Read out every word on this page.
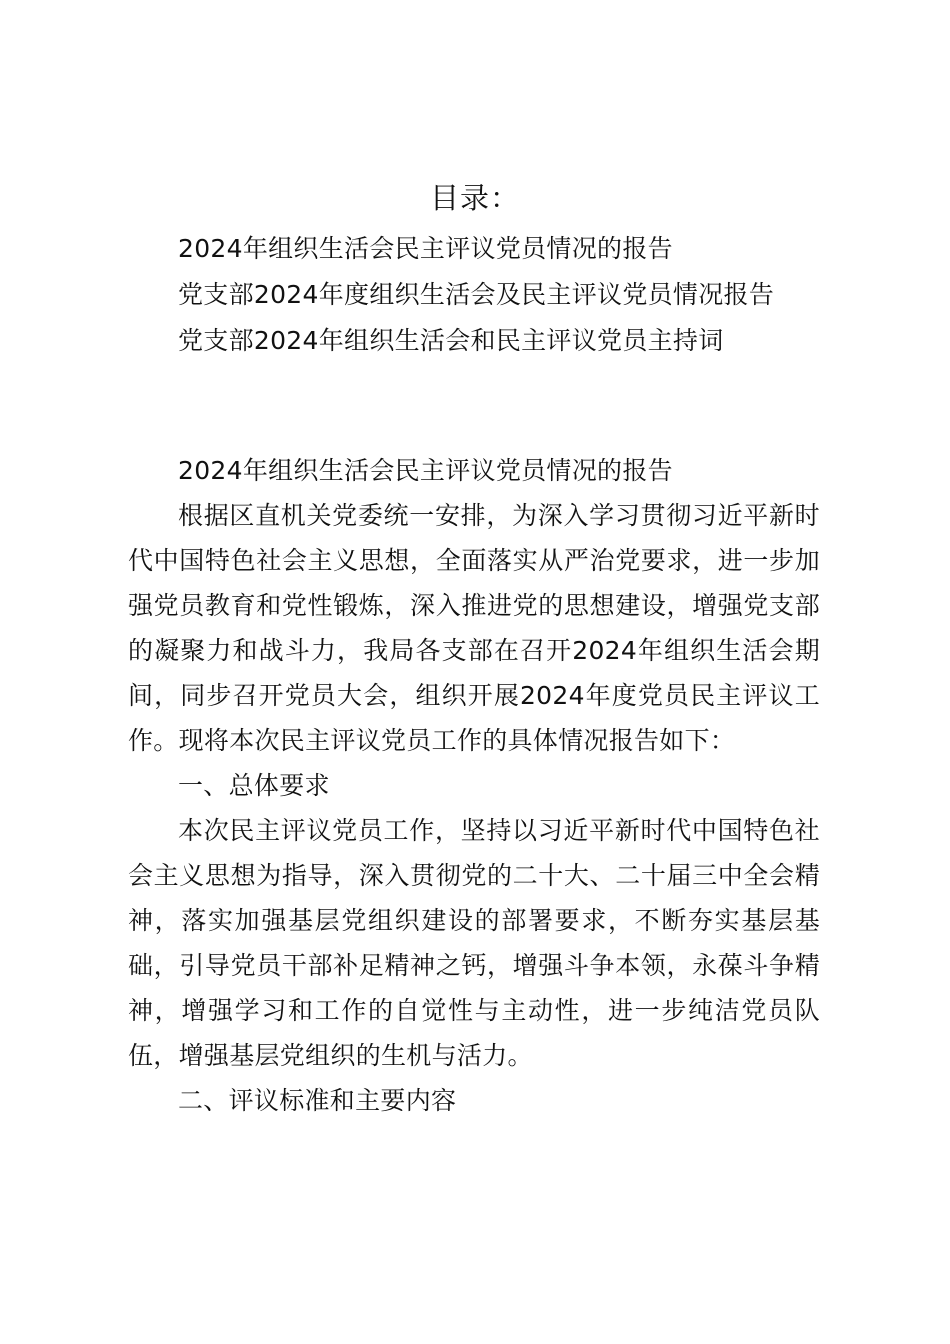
目录：
2024年组织生活会民主评议党员情况的报告
党支部2024年度组织生活会及民主评议党员情况报告
党支部2024年组织生活会和民主评议党员主持词

2024年组织生活会民主评议党员情况的报告

根据区直机关党委统一安排，为深入学习贯彻习近平新时代中国特色社会主义思想，全面落实从严治党要求，进一步加强党员教育和党性锻炼，深入推进党的思想建设，增强党支部的凝聚力和战斗力，我局各支部在召开2024年组织生活会期间，同步召开党员大会，组织开展2024年度党员民主评议工作。现将本次民主评议党员工作的具体情况报告如下：

一、总体要求

本次民主评议党员工作，坚持以习近平新时代中国特色社会主义思想为指导，深入贯彻党的二十大、二十届三中全会精神，落实加强基层党组织建设的部署要求，不断夯实基层基础，引导党员干部补足精神之钙，增强斗争本领，永葆斗争精神，增强学习和工作的自觉性与主动性，进一步纯洁党员队伍，增强基层党组织的生机与活力。

二、评议标准和主要内容
